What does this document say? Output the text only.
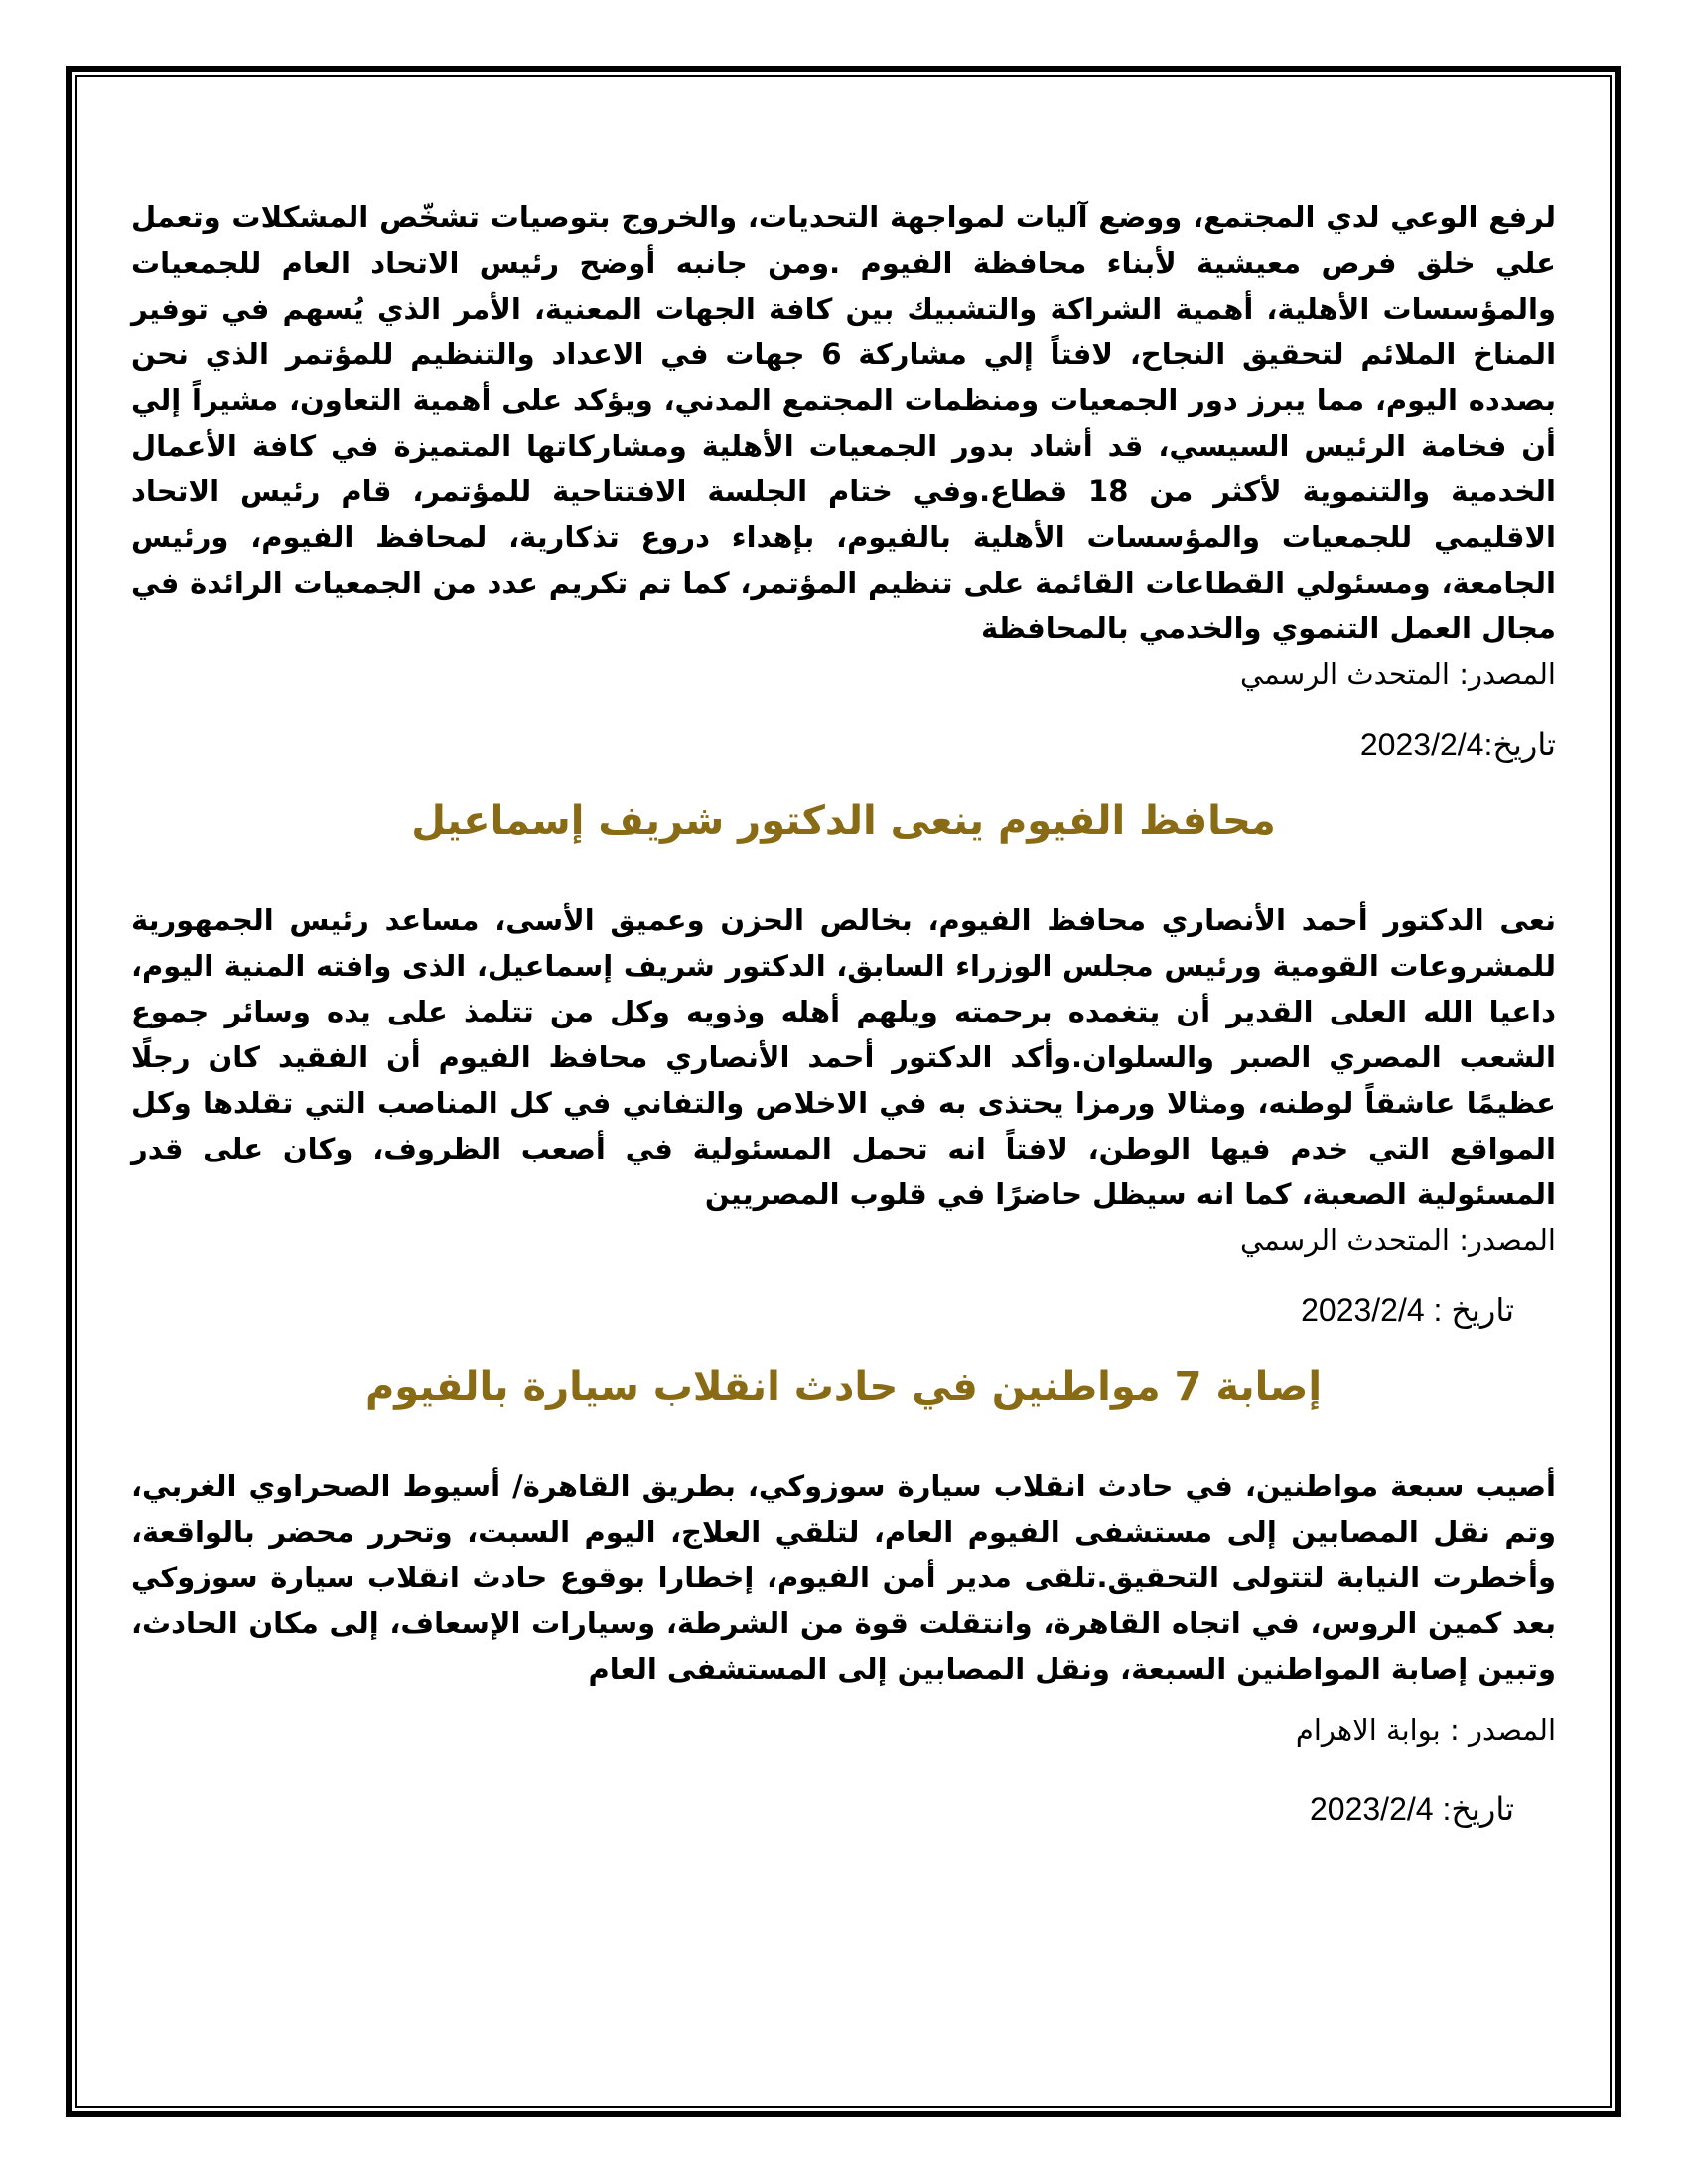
لرفع الوعي لدي المجتمع، ووضع آليات لمواجهة التحديات، والخروج بتوصيات تشخّص المشكلات وتعمل علي خلق فرص معيشية لأبناء محافظة الفيوم .ومن جانبه أوضح رئيس الاتحاد العام للجمعيات والمؤسسات الأهلية، أهمية الشراكة والتشبيك بين كافة الجهات المعنية، الأمر الذي يُسهم في توفير المناخ الملائم لتحقيق النجاح، لافتاً إلي مشاركة 6 جهات في الاعداد والتنظيم للمؤتمر الذي نحن بصدده اليوم، مما يبرز دور الجمعيات ومنظمات المجتمع المدني، ويؤكد على أهمية التعاون، مشيراً إلي أن فخامة الرئيس السيسي، قد أشاد بدور الجمعيات الأهلية ومشاركاتها المتميزة في كافة الأعمال الخدمية والتنموية لأكثر من 18 قطاع.وفي ختام الجلسة الافتتاحية للمؤتمر، قام رئيس الاتحاد الاقليمي للجمعيات والمؤسسات الأهلية بالفيوم، بإهداء دروع تذكارية، لمحافظ الفيوم، ورئيس الجامعة، ومسئولي القطاعات القائمة على تنظيم المؤتمر، كما تم تكريم عدد من الجمعيات الرائدة في مجال العمل التنموي والخدمي بالمحافظة

المصدر: المتحدث الرسمي

تاريخ:2023/2/4

محافظ الفيوم ينعى الدكتور شريف إسماعيل

نعى الدكتور أحمد الأنصاري محافظ الفيوم، بخالص الحزن وعميق الأسى، مساعد رئيس الجمهورية للمشروعات القومية ورئيس مجلس الوزراء السابق، الدكتور شريف إسماعيل، الذى وافته المنية اليوم، داعيا الله العلى القدير أن يتغمده برحمته ويلهم أهله وذويه وكل من تتلمذ على يده وسائر جموع الشعب المصري الصبر والسلوان.وأكد الدكتور أحمد الأنصاري محافظ الفيوم أن الفقيد كان رجلًا عظيمًا عاشقاً لوطنه، ومثالا ورمزا يحتذى به في الاخلاص والتفاني في كل المناصب التي تقلدها وكل المواقع التي خدم فيها الوطن، لافتاً انه تحمل المسئولية في أصعب الظروف، وكان على قدر المسئولية الصعبة، كما انه سيظل حاضرًا في قلوب المصريين

المصدر: المتحدث الرسمي

تاريخ : 2023/2/4

إصابة 7 مواطنين في حادث انقلاب سيارة بالفيوم

أصيب سبعة مواطنين، في حادث انقلاب سيارة سوزوكي، بطريق القاهرة/ أسيوط الصحراوي الغربي، وتم نقل المصابين إلى مستشفى الفيوم العام، لتلقي العلاج، اليوم السبت، وتحرر محضر بالواقعة، وأخطرت النيابة لتتولى التحقيق.تلقى مدير أمن الفيوم، إخطارا بوقوع حادث انقلاب سيارة سوزوكي بعد كمين الروس، في اتجاه القاهرة، وانتقلت قوة من الشرطة، وسيارات الإسعاف، إلى مكان الحادث، وتبين إصابة المواطنين السبعة، ونقل المصابين إلى المستشفى العام

المصدر : بوابة الاهرام

تاريخ: 2023/2/4
